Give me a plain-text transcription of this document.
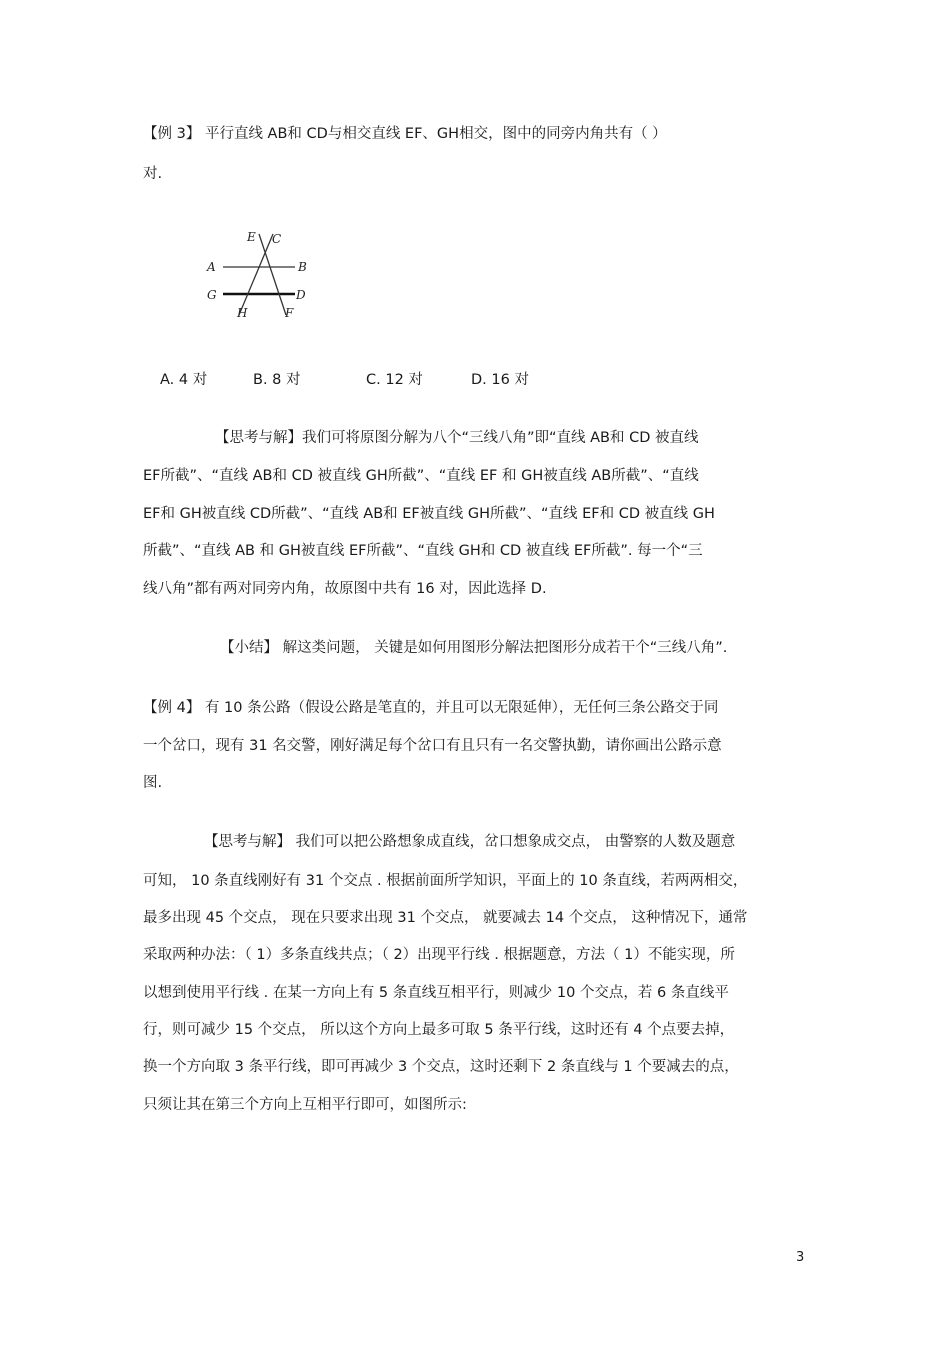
【例 3】 平行直线 AB和 CD与相交直线 EF、GH相交，图中的同旁内角共有（ ）
对.
E C
A	B
G	D
H	F
A. 4 对	B. 8 对	C. 12 对	D. 16 对
【思考与解】我们可将原图分解为八个“三线八角”即“直线 AB和 CD 被直线
EF所截”、“直线 AB和 CD 被直线 GH所截”、“直线 EF 和 GH被直线 AB所截”、“直线
EF和 GH被直线 CD所截”、“直线 AB和 EF被直线 GH所截”、“直线 EF和 CD 被直线 GH
所截”、“直线 AB 和 GH被直线 EF所截”、“直线 GH和 CD 被直线 EF所截”. 每一个“三
线八角”都有两对同旁内角，故原图中共有 16 对，因此选择 D.
【小结】 解这类问题， 关键是如何用图形分解法把图形分成若干个“三线八角”.
【例 4】 有 10 条公路（假设公路是笔直的，并且可以无限延伸），无任何三条公路交于同
一个岔口，现有 31 名交警，刚好满足每个岔口有且只有一名交警执勤，请你画出公路示意
图.
【思考与解】 我们可以把公路想象成直线，岔口想象成交点， 由警察的人数及题意
可知， 10 条直线刚好有 31 个交点 . 根据前面所学知识，平面上的 10 条直线，若两两相交，
最多出现 45 个交点， 现在只要求出现 31 个交点， 就要减去 14 个交点， 这种情况下，通常
采取两种办法：（ 1）多条直线共点；（ 2）出现平行线 . 根据题意，方法（ 1）不能实现，所
以想到使用平行线 . 在某一方向上有 5 条直线互相平行，则减少 10 个交点，若 6 条直线平
行，则可减少 15 个交点， 所以这个方向上最多可取 5 条平行线，这时还有 4 个点要去掉，
换一个方向取 3 条平行线，即可再减少 3 个交点，这时还剩下 2 条直线与 1 个要减去的点，
只须让其在第三个方向上互相平行即可，如图所示:
3
